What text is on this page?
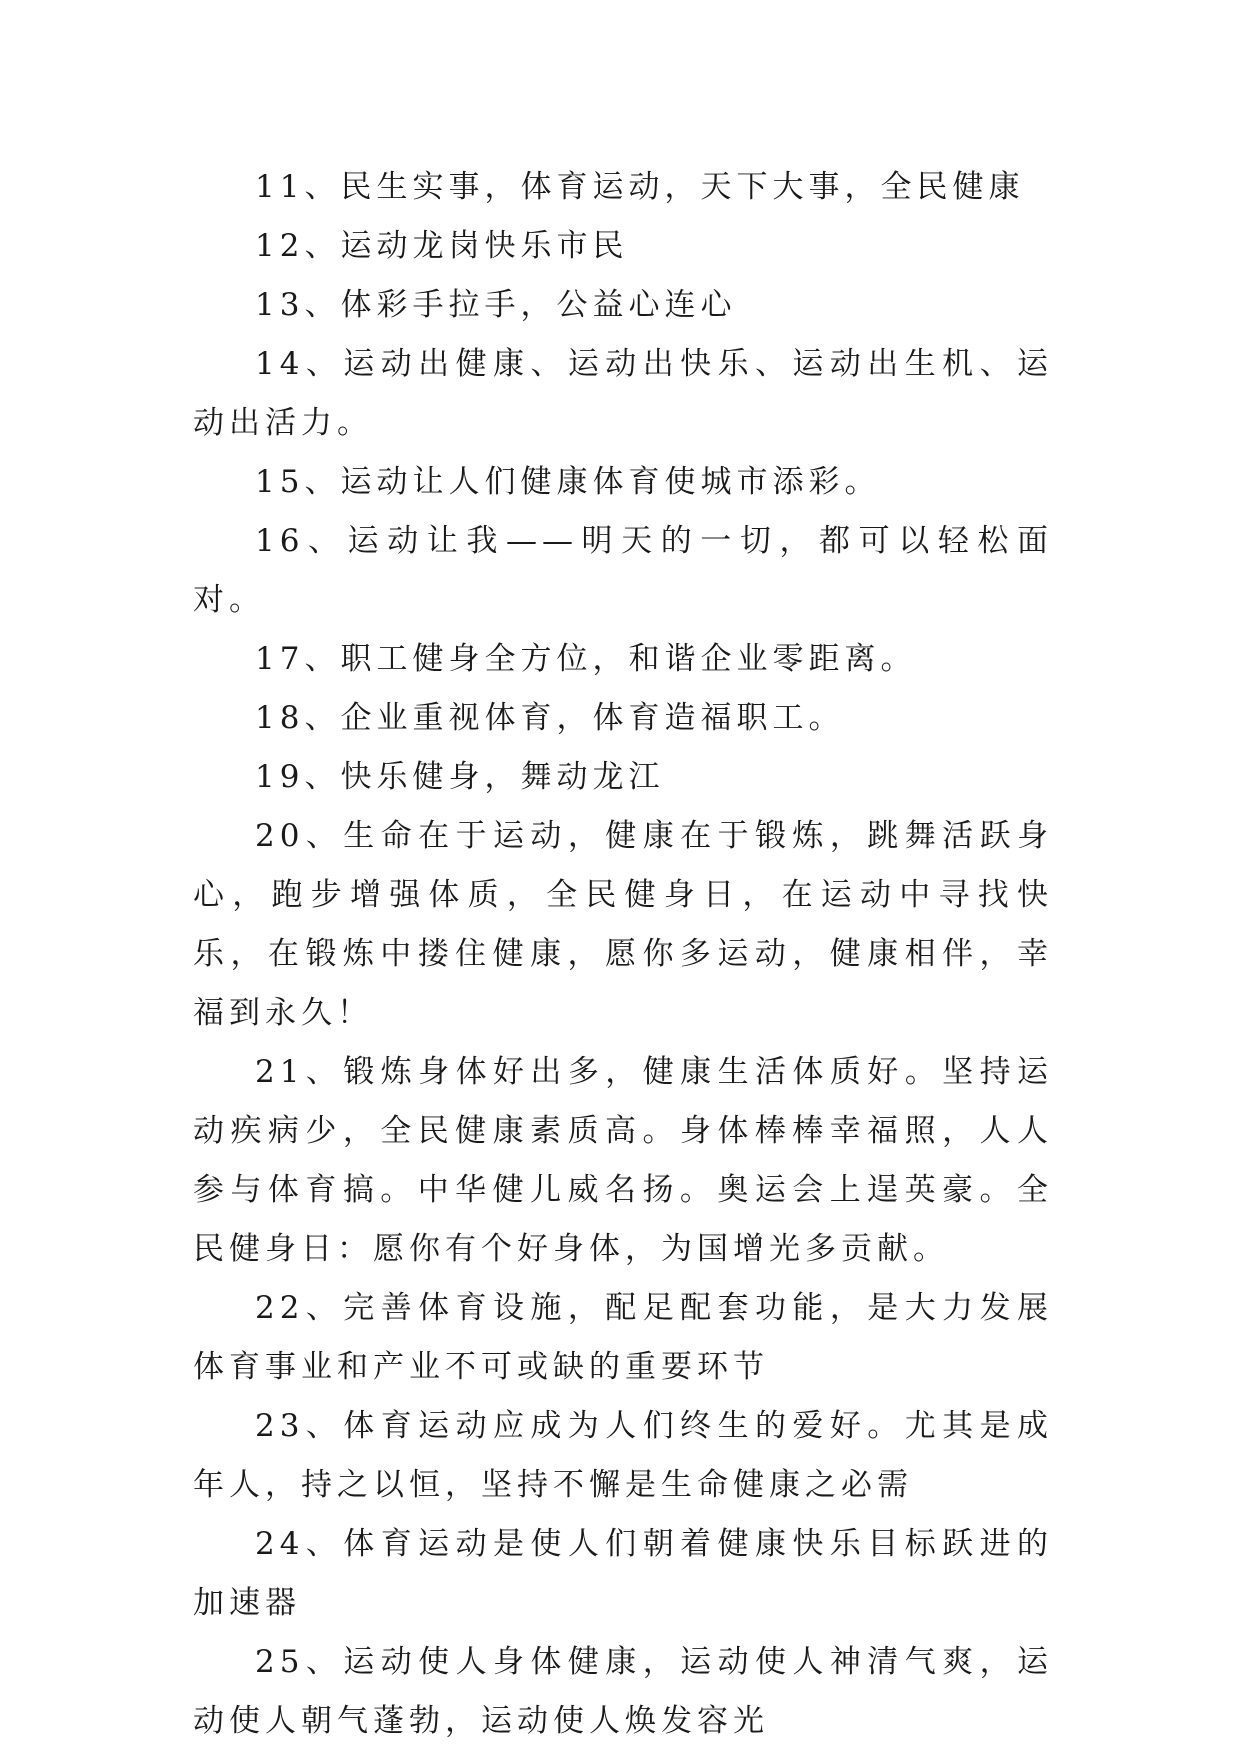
11、民生实事，体育运动，天下大事，全民健康

12、运动龙岗快乐市民

13、体彩手拉手，公益心连心

14、运动出健康、运动出快乐、运动出生机、运动出活力。

15、运动让人们健康体育使城市添彩。

16、运动让我——明天的一切，都可以轻松面对。

17、职工健身全方位，和谐企业零距离。

18、企业重视体育，体育造福职工。

19、快乐健身，舞动龙江

20、生命在于运动，健康在于锻炼，跳舞活跃身心，跑步增强体质，全民健身日，在运动中寻找快乐，在锻炼中搂住健康，愿你多运动，健康相伴，幸福到永久！

21、锻炼身体好出多，健康生活体质好。坚持运动疾病少，全民健康素质高。身体棒棒幸福照，人人参与体育搞。中华健儿威名扬。奥运会上逞英豪。全民健身日：愿你有个好身体，为国增光多贡献。

22、完善体育设施，配足配套功能，是大力发展体育事业和产业不可或缺的重要环节

23、体育运动应成为人们终生的爱好。尤其是成年人，持之以恒，坚持不懈是生命健康之必需

24、体育运动是使人们朝着健康快乐目标跃进的加速器

25、运动使人身体健康，运动使人神清气爽，运动使人朝气蓬勃，运动使人焕发容光
